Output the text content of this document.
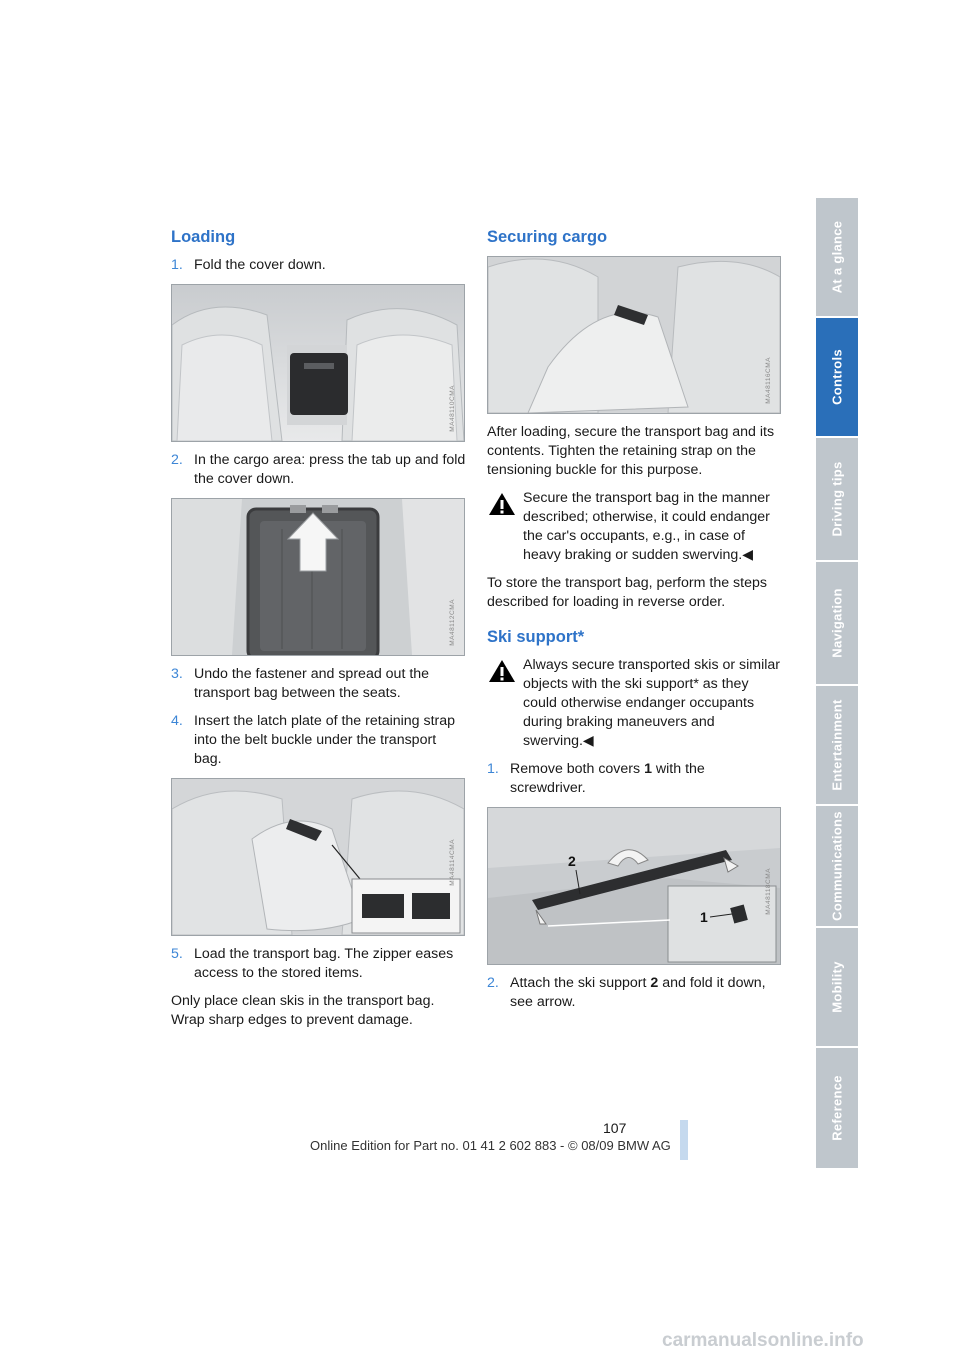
At a glance
Controls
Driving tips
Navigation
Entertainment
Communications
Mobility
Reference
Loading
1. Fold the cover down.
MA48110CMA
2. In the cargo area: press the tab up and fold the cover down.
MA48112CMA
3. Undo the fastener and spread out the transport bag between the seats.
4. Insert the latch plate of the retaining strap into the belt buckle under the transport bag.
MA48114CMA
5. Load the transport bag. The zipper eases access to the stored items.

Only place clean skis in the transport bag. Wrap sharp edges to prevent damage.

Securing cargo
MA48116CMA

After loading, secure the transport bag and its contents. Tighten the retaining strap on the tensioning buckle for this purpose.

Secure the transport bag in the manner described; otherwise, it could endanger the car's occupants, e.g., in case of heavy braking or sudden swerving.◀

To store the transport bag, perform the steps described for loading in reverse order.

Ski support*

Always secure transported skis or similar objects with the ski support* as they could otherwise endanger occupants during braking maneuvers and swerving.◀

1. Remove both covers 1 with the screwdriver.
2
1
MA48118CMA
2. Attach the ski support 2 and fold it down, see arrow.
107
Online Edition for Part no. 01 41 2 602 883 - © 08/09 BMW AG
carmanualsonline.info
